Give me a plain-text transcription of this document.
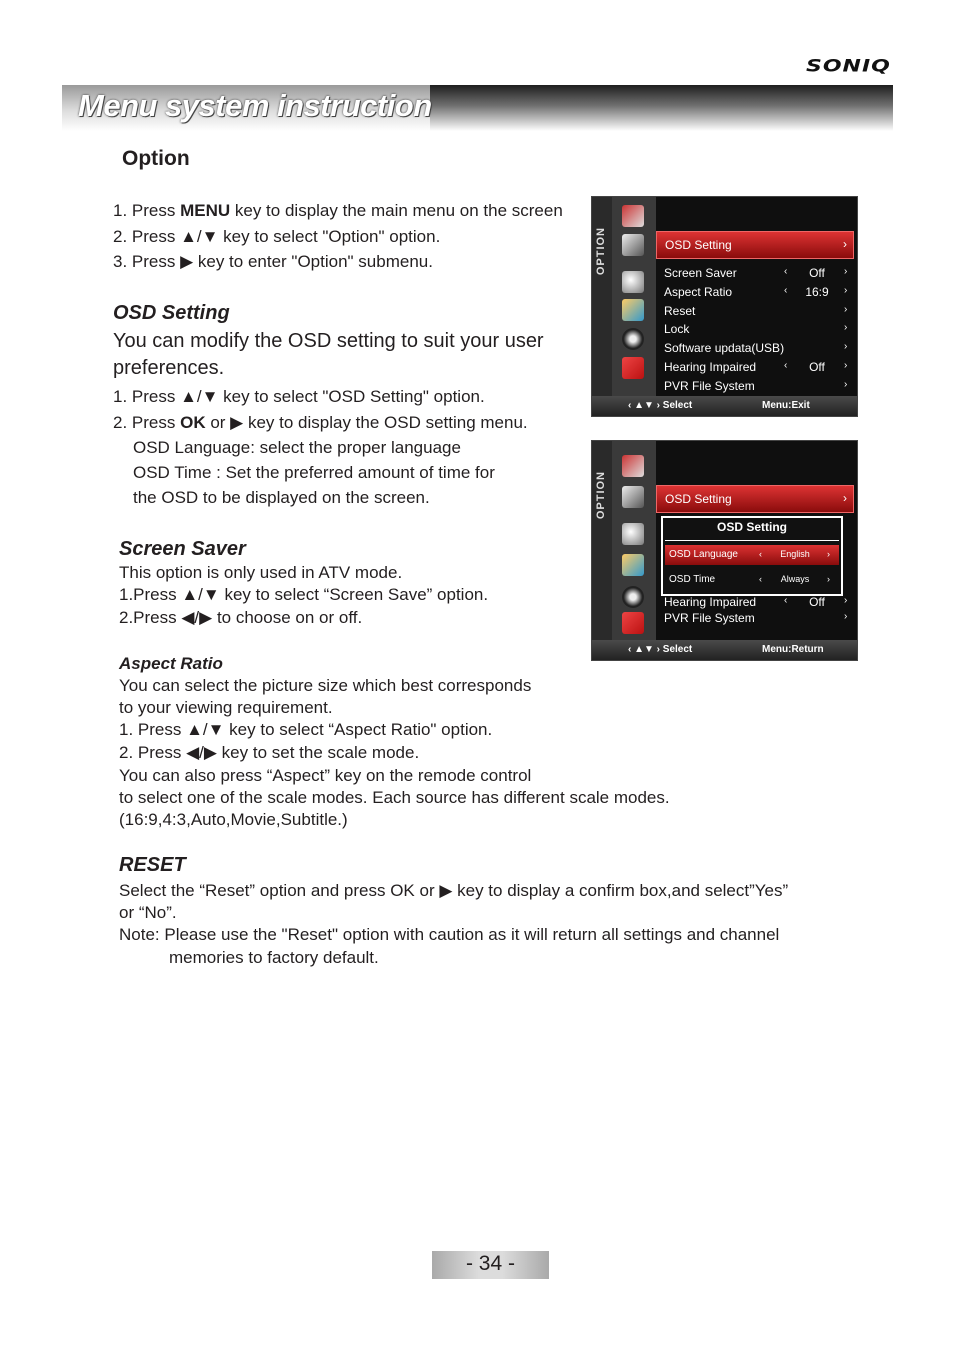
SONIQ
Menu system instruction
Option
1. Press MENU key to display the main menu on the screen
2. Press ▲/▼ key to select "Option" option.
3. Press ▶ key to enter "Option" submenu.
OSD Setting
You can modify the OSD setting to suit your user
preferences.
1. Press ▲/▼ key to select "OSD Setting" option.
2. Press OK or ▶ key to display the OSD setting menu.
OSD Language: select the proper language
OSD Time : Set the preferred amount of time for
the OSD to be displayed on the screen.
Screen Saver
This option is only used in ATV mode.
1.Press ▲/▼ key to select “Screen Save” option.
2.Press ◀/▶ to choose on or off.
Aspect Ratio
You can select the picture size which best corresponds
to your viewing requirement.
1. Press ▲/▼ key to select “Aspect Ratio" option.
2. Press ◀/▶ key to set the scale mode.
You can also press “Aspect” key on the remode control
to select one of the scale modes. Each source has different scale modes.
(16:9,4:3,Auto,Movie,Subtitle.)
RESET
Select the “Reset” option and press OK or ▶ key to display a confirm box,and select”Yes”
or “No”.
Note: Please use the "Reset" option with caution as it will return all settings and channel
memories to factory default.
OPTION	OSD Setting	›
Screen Saver	‹	Off	›
Aspect Ratio	‹	16:9	›
Reset	›
Lock	›
Software updata(USB)	›
Hearing Impaired	‹	Off	›
PVR File System	›
‹ ▲▼ › Select	Menu:Exit
OPTION	OSD Setting	›
OSD Setting
OSD Language ‹	English	›
OSD Time	‹	Always	›
Hearing Impaired	‹	Off	›
PVR File System	›
‹ ▲▼ › Select	Menu:Return
- 34 -
